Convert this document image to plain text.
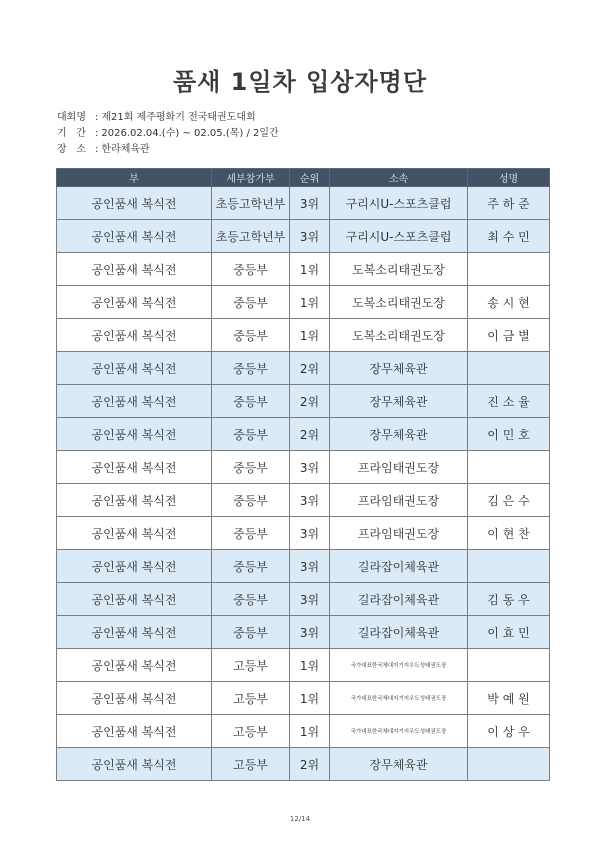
품새 1일차 입상자명단
대회명 : 제21회 제주평화기 전국태권도대회
기   간 : 2026.02.04.(수) ~ 02.05.(목) / 2일간
장   소 : 한라체육관
부	세부참가부	순위	소속	성명
공인품새 복식전	초등고학년부	3위	구리시U-스포츠클럽	주 하 준
공인품새 복식전	초등고학년부	3위	구리시U-스포츠클럽	최 수 민
공인품새 복식전	중등부	1위	도복소리태권도장	
공인품새 복식전	중등부	1위	도복소리태권도장	송 시 현
공인품새 복식전	중등부	1위	도복소리태권도장	이 금 별
공인품새 복식전	중등부	2위	장무체육관	
공인품새 복식전	중등부	2위	장무체육관	진 소 율
공인품새 복식전	중등부	2위	장무체육관	이 민 호
공인품새 복식전	중등부	3위	프라임태권도장	
공인품새 복식전	중등부	3위	프라임태권도장	김 은 수
공인품새 복식전	중등부	3위	프라임태권도장	이 현 찬
공인품새 복식전	중등부	3위	길라잡이체육관	
공인품새 복식전	중등부	3위	길라잡이체육관	김 동 우
공인품새 복식전	중등부	3위	길라잡이체육관	이 효 민
공인품새 복식전	고등부	1위	국가대표한국체대지기지우도성태권도장	
공인품새 복식전	고등부	1위	국가대표한국체대지기지우도성태권도장	박 예 원
공인품새 복식전	고등부	1위	국가대표한국체대지기지우도성태권도장	이 상 우
공인품새 복식전	고등부	2위	장무체육관	
12/14
